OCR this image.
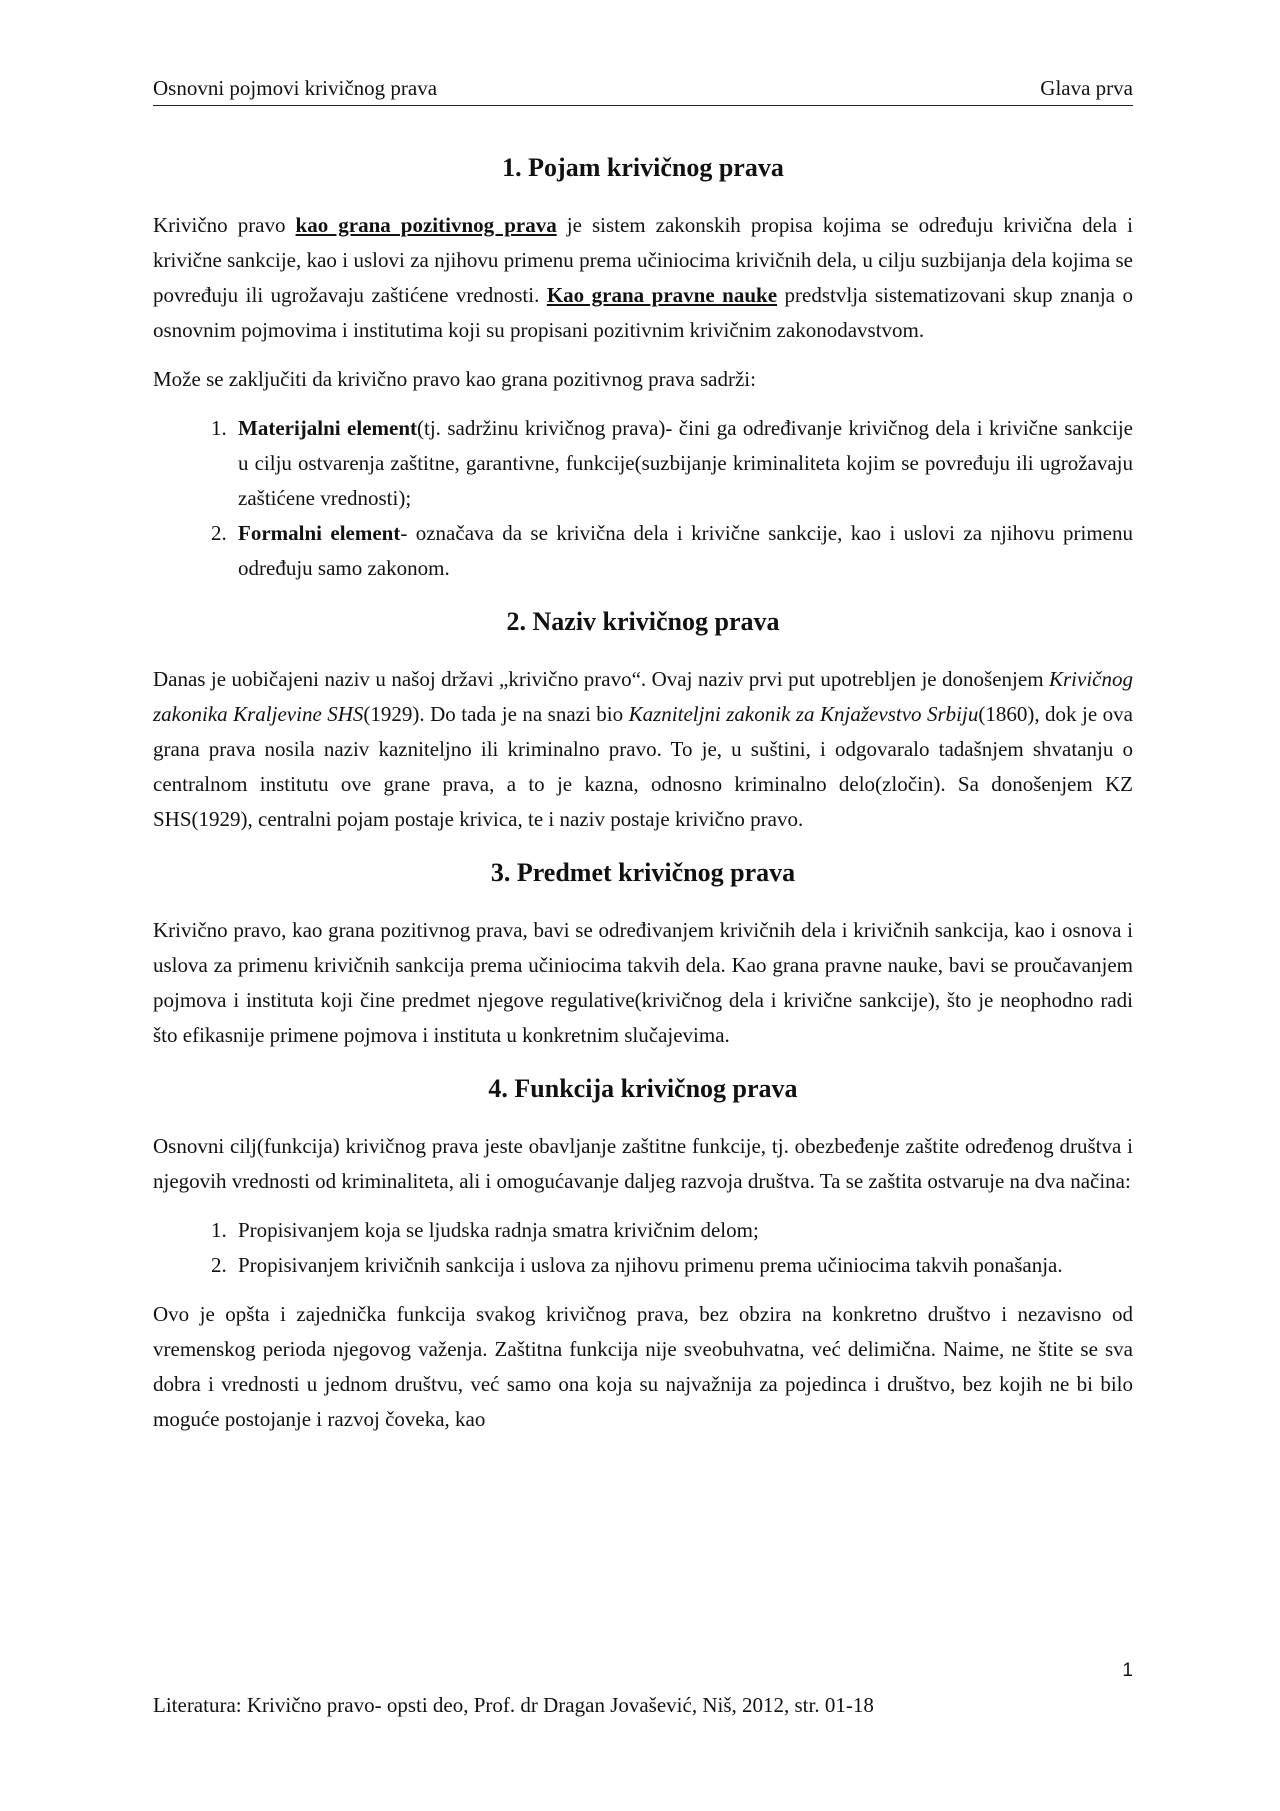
Osnovni pojmovi krivičnog prava	Glava prva
1. Pojam krivičnog prava

Krivično pravo kao grana pozitivnog prava je sistem zakonskih propisa kojima se određuju krivična dela i krivične sankcije, kao i uslovi za njihovu primenu prema učiniocima krivičnih dela, u cilju suzbijanja dela kojima se povređuju ili ugrožavaju zaštićene vrednosti. Kao grana pravne nauke predstvlja sistematizovani skup znanja o osnovnim pojmovima i institutima koji su propisani pozitivnim krivičnim zakonodavstvom.

Može se zaključiti da krivično pravo kao grana pozitivnog prava sadrži:

1. Materijalni element(tj. sadržinu krivičnog prava)- čini ga određivanje krivičnog dela i krivične sankcije u cilju ostvarenja zaštitne, garantivne, funkcije(suzbijanje kriminaliteta kojim se povređuju ili ugrožavaju zaštićene vrednosti);
2. Formalni element- označava da se krivična dela i krivične sankcije, kao i uslovi za njihovu primenu određuju samo zakonom.
2. Naziv krivičnog prava

Danas je uobičajeni naziv u našoj državi „krivično pravo“. Ovaj naziv prvi put upotrebljen je donošenjem Krivičnog zakonika Kraljevine SHS(1929). Do tada je na snazi bio Kazniteljni zakonik za Knjaževstvo Srbiju(1860), dok je ova grana prava nosila naziv kazniteljno ili kriminalno pravo. To je, u suštini, i odgovaralo tadašnjem shvatanju o centralnom institutu ove grane prava, a to je kazna, odnosno kriminalno delo(zločin). Sa donošenjem KZ SHS(1929), centralni pojam postaje krivica, te i naziv postaje krivično pravo.

3. Predmet krivičnog prava

Krivično pravo, kao grana pozitivnog prava, bavi se određivanjem krivičnih dela i krivičnih sankcija, kao i osnova i uslova za primenu krivičnih sankcija prema učiniocima takvih dela. Kao grana pravne nauke, bavi se proučavanjem pojmova i instituta koji čine predmet njegove regulative(krivičnog dela i krivične sankcije), što je neophodno radi što efikasnije primene pojmova i instituta u konkretnim slučajevima.

4. Funkcija krivičnog prava

Osnovni cilj(funkcija) krivičnog prava jeste obavljanje zaštitne funkcije, tj. obezbeđenje zaštite određenog društva i njegovih vrednosti od kriminaliteta, ali i omogućavanje daljeg razvoja društva. Ta se zaštita ostvaruje na dva načina:

1. Propisivanjem koja se ljudska radnja smatra krivičnim delom;
2. Propisivanjem krivičnih sankcija i uslova za njihovu primenu prema učiniocima takvih ponašanja.

Ovo je opšta i zajednička funkcija svakog krivičnog prava, bez obzira na konkretno društvo i nezavisno od vremenskog perioda njegovog važenja. Zaštitna funkcija nije sveobuhvatna, već delimična. Naime, ne štite se sva dobra i vrednosti u jednom društvu, već samo ona koja su najvažnija za pojedinca i društvo, bez kojih ne bi bilo moguće postojanje i razvoj čoveka, kao

1
Literatura: Krivično pravo- opsti deo, Prof. dr Dragan Jovašević, Niš, 2012, str. 01-18
